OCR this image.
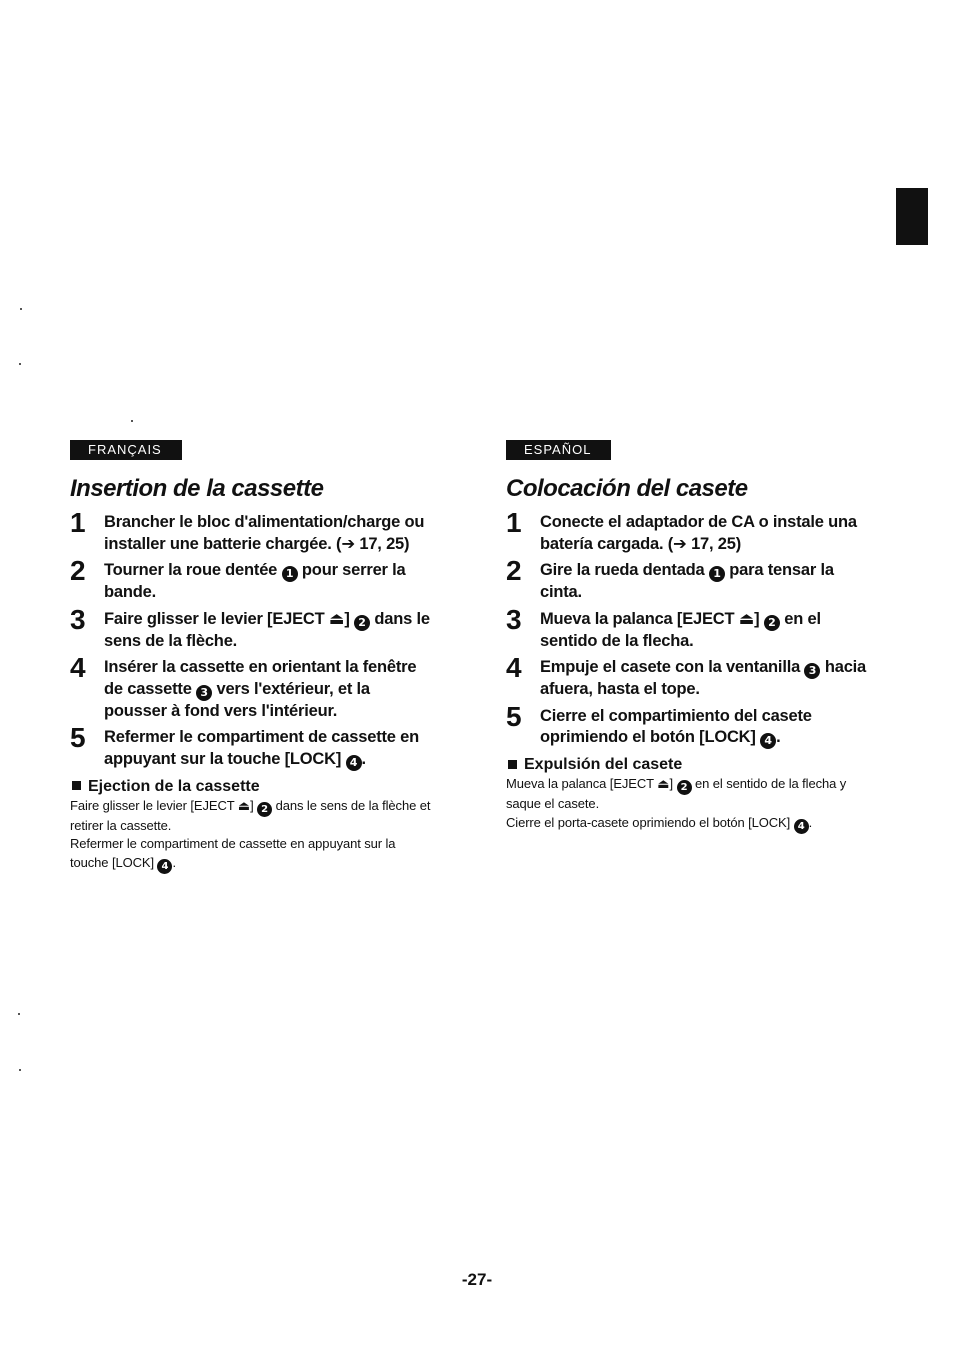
FRANÇAIS
Insertion de la cassette
1 Brancher le bloc d'alimentation/charge ou installer une batterie chargée. (➔ 17, 25)
2 Tourner la roue dentée 1 pour serrer la bande.
3 Faire glisser le levier [EJECT ⏏] 2 dans le sens de la flèche.
4 Insérer la cassette en orientant la fenêtre de cassette 3 vers l'extérieur, et la pousser à fond vers l'intérieur.
5 Refermer le compartiment de cassette en appuyant sur la touche [LOCK] 4 .
Ejection de la cassette
Faire glisser le levier [EJECT ⏏] 2 dans le sens de la flèche et retirer la cassette.
Refermer le compartiment de cassette en appuyant sur la touche [LOCK] 4 .
ESPAÑOL
Colocación del casete
1 Conecte el adaptador de CA o instale una batería cargada. (➔ 17, 25)
2 Gire la rueda dentada 1 para tensar la cinta.
3 Mueva la palanca [EJECT ⏏] 2 en el sentido de la flecha.
4 Empuje el casete con la ventanilla 3 hacia afuera, hasta el tope.
5 Cierre el compartimiento del casete oprimiendo el botón [LOCK] 4 .
Expulsión del casete
Mueva la palanca [EJECT ⏏] 2 en el sentido de la flecha y saque el casete.
Cierre el porta-casete oprimiendo el botón [LOCK] 4 .
-27-
